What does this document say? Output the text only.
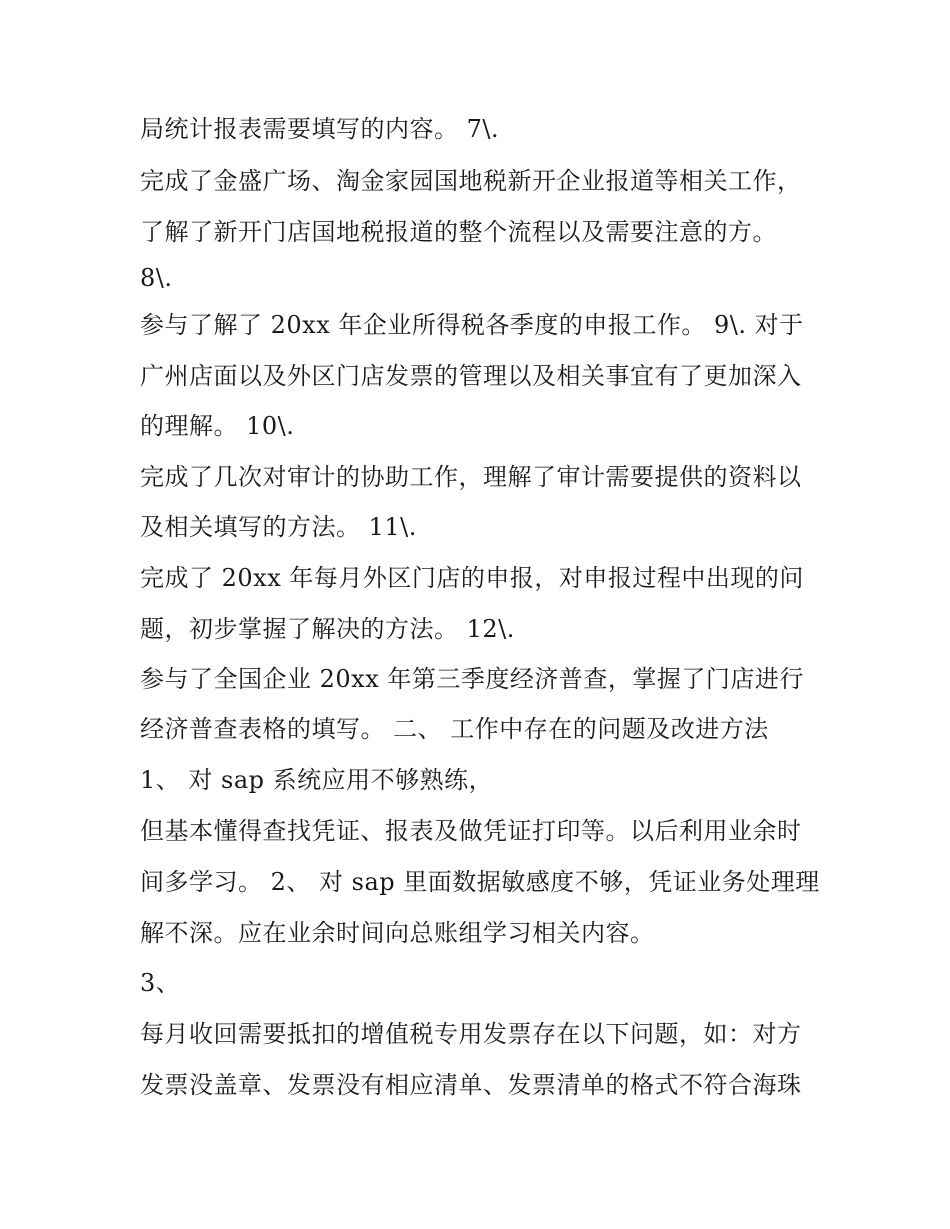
局统计报表需要填写的内容。 7\.
完成了金盛广场、淘金家园国地税新开企业报道等相关工作，
了解了新开门店国地税报道的整个流程以及需要注意的方。
8\.
参与了解了 20xx 年企业所得税各季度的申报工作。 9\. 对于
广州店面以及外区门店发票的管理以及相关事宜有了更加深入
的理解。 10\.
完成了几次对审计的协助工作，理解了审计需要提供的资料以
及相关填写的方法。 11\.
完成了 20xx 年每月外区门店的申报，对申报过程中出现的问
题，初步掌握了解决的方法。 12\.
参与了全国企业 20xx 年第三季度经济普查，掌握了门店进行
经济普查表格的填写。 二、 工作中存在的问题及改进方法
1、 对 sap 系统应用不够熟练，
但基本懂得查找凭证、报表及做凭证打印等。以后利用业余时
间多学习。 2、 对 sap 里面数据敏感度不够，凭证业务处理理
解不深。应在业余时间向总账组学习相关内容。
3、
每月收回需要抵扣的增值税专用发票存在以下问题，如：对方
发票没盖章、发票没有相应清单、发票清单的格式不符合海珠
